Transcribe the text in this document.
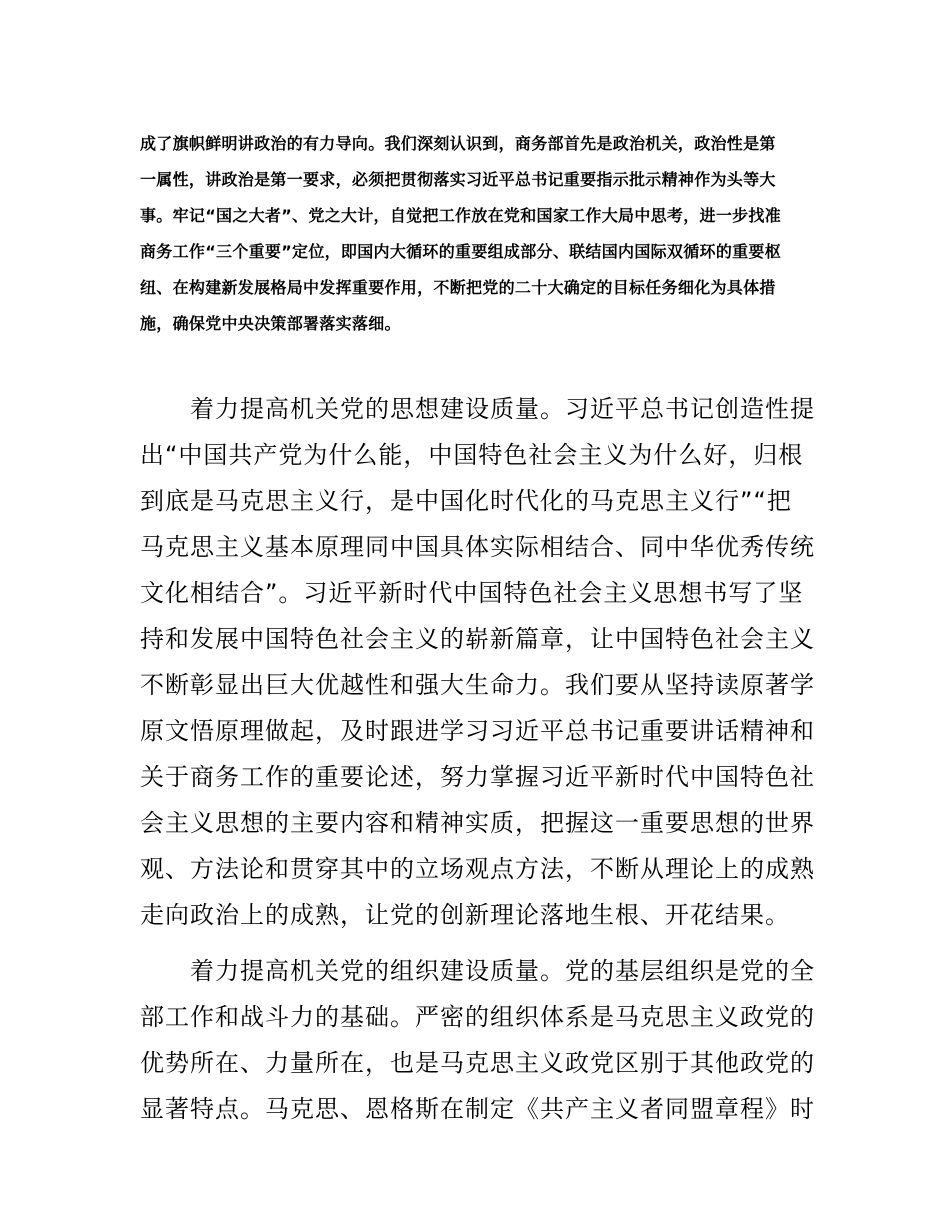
成了旗帜鲜明讲政治的有力导向。我们深刻认识到，商务部首先是政治机关，政治性是第
一属性，讲政治是第一要求，必须把贯彻落实习近平总书记重要指示批示精神作为头等大
事。牢记“国之大者”、党之大计，自觉把工作放在党和国家工作大局中思考，进一步找准
商务工作“三个重要”定位，即国内大循环的重要组成部分、联结国内国际双循环的重要枢
纽、在构建新发展格局中发挥重要作用，不断把党的二十大确定的目标任务细化为具体措
施，确保党中央决策部署落实落细。
着力提高机关党的思想建设质量。习近平总书记创造性提
出“中国共产党为什么能，中国特色社会主义为什么好，归根
到底是马克思主义行，是中国化时代化的马克思主义行”“把
马克思主义基本原理同中国具体实际相结合、同中华优秀传统
文化相结合”。习近平新时代中国特色社会主义思想书写了坚
持和发展中国特色社会主义的崭新篇章，让中国特色社会主义
不断彰显出巨大优越性和强大生命力。我们要从坚持读原著学
原文悟原理做起，及时跟进学习习近平总书记重要讲话精神和
关于商务工作的重要论述，努力掌握习近平新时代中国特色社
会主义思想的主要内容和精神实质，把握这一重要思想的世界
观、方法论和贯穿其中的立场观点方法，不断从理论上的成熟
走向政治上的成熟，让党的创新理论落地生根、开花结果。
着力提高机关党的组织建设质量。党的基层组织是党的全
部工作和战斗力的基础。严密的组织体系是马克思主义政党的
优势所在、力量所在，也是马克思主义政党区别于其他政党的
显著特点。马克思、恩格斯在制定《共产主义者同盟章程》时
